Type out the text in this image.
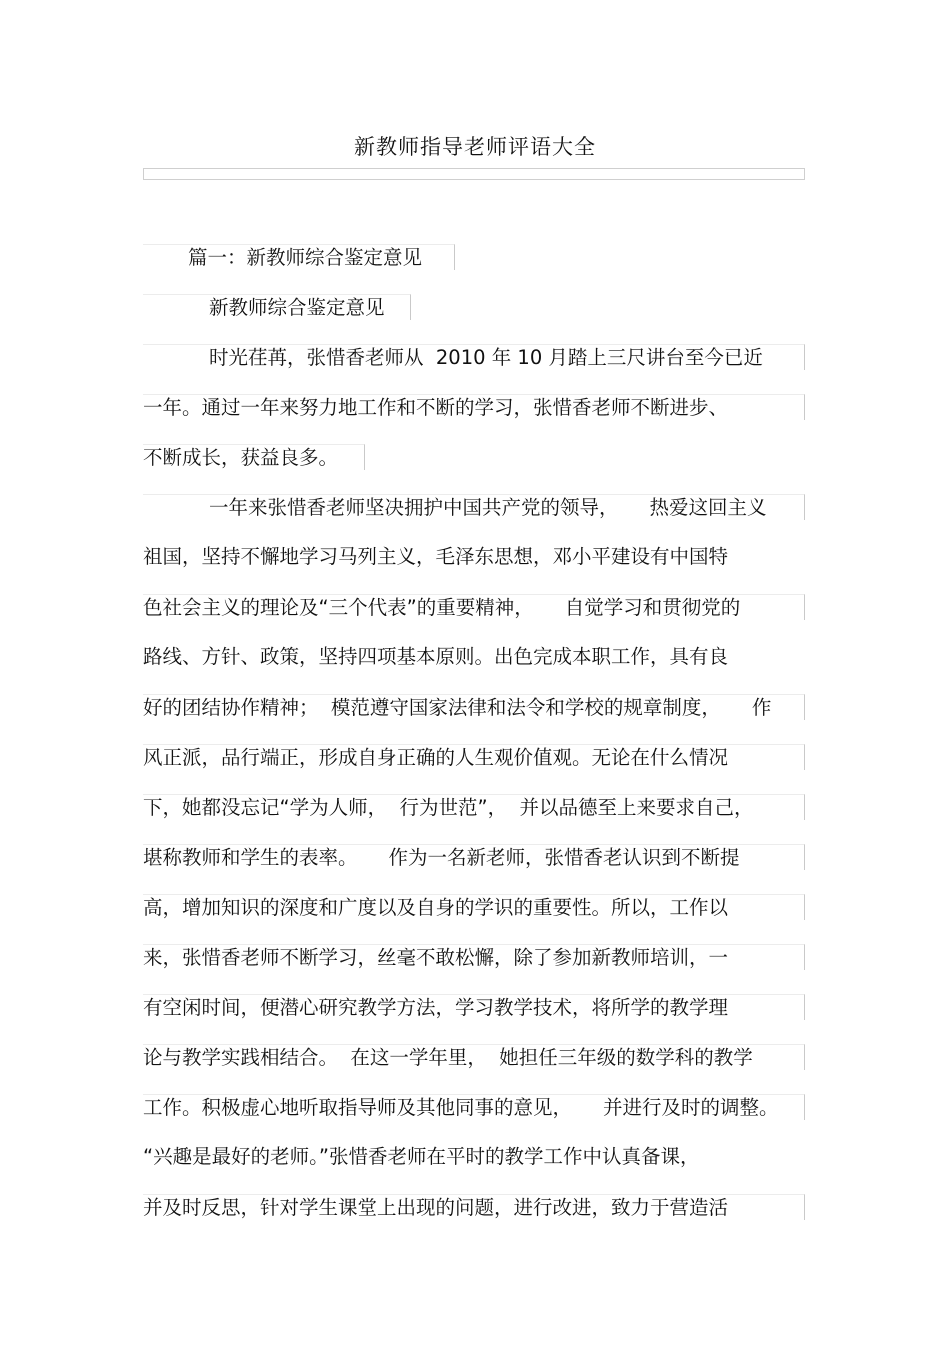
新教师指导老师评语大全
篇一：新教师综合鉴定意见
新教师综合鉴定意见
时光荏苒，张惜香老师从  2010 年 10 月踏上三尺讲台至今已近
一年。通过一年来努力地工作和不断的学习，张惜香老师不断进步、
不断成长，获益良多。
一年来张惜香老师坚决拥护中国共产党的领导，     热爱这回主义
祖国，坚持不懈地学习马列主义，毛泽东思想，邓小平建设有中国特
色社会主义的理论及“三个代表”的重要精神，     自觉学习和贯彻党的
路线、方针、政策，坚持四项基本原则。出色完成本职工作，具有良
好的团结协作精神；  模范遵守国家法律和法令和学校的规章制度，     作
风正派，品行端正，形成自身正确的人生观价值观。无论在什么情况
下，她都没忘记“学为人师，  行为世范”，  并以品德至上来要求自己，
堪称教师和学生的表率。     作为一名新老师，张惜香老认识到不断提
高，增加知识的深度和广度以及自身的学识的重要性。所以，工作以
来，张惜香老师不断学习，丝毫不敢松懈，除了参加新教师培训，一
有空闲时间，便潜心研究教学方法，学习教学技术，将所学的教学理
论与教学实践相结合。  在这一学年里，  她担任三年级的数学科的教学
工作。积极虚心地听取指导师及其他同事的意见，     并进行及时的调整。
“兴趣是最好的老师。”张惜香老师在平时的教学工作中认真备课，
并及时反思，针对学生课堂上出现的问题，进行改进，致力于营造活
